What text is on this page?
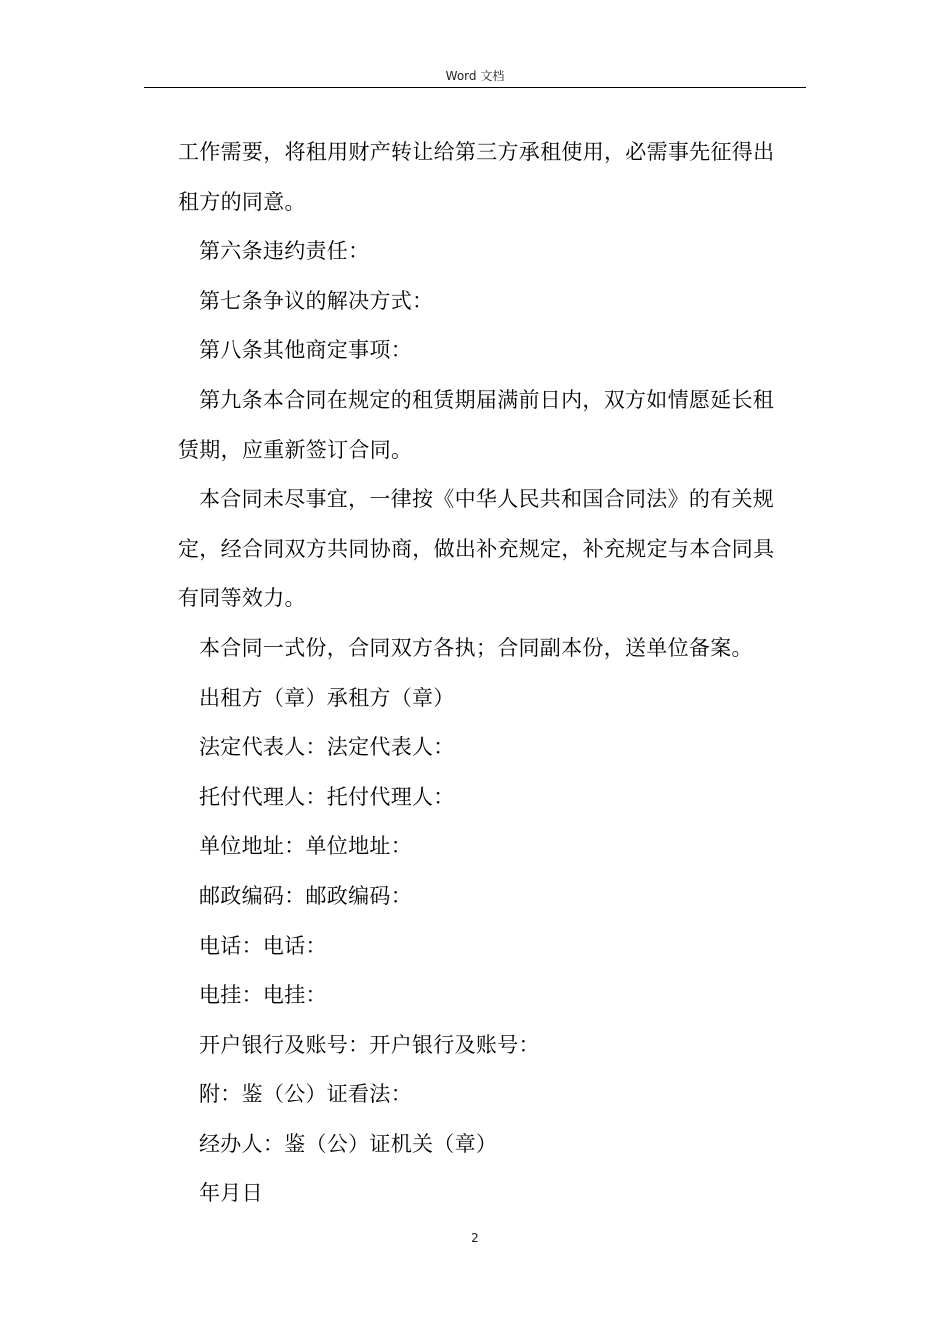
Word 文档
工作需要，将租用财产转让给第三方承租使用，必需事先征得出
租方的同意。
第六条违约责任：
第七条争议的解决方式：
第八条其他商定事项：
第九条本合同在规定的租赁期届满前日内，双方如情愿延长租
赁期，应重新签订合同。
本合同未尽事宜，一律按《中华人民共和国合同法》的有关规
定，经合同双方共同协商，做出补充规定，补充规定与本合同具
有同等效力。
本合同一式份，合同双方各执；合同副本份，送单位备案。
出租方（章）承租方（章）
法定代表人：法定代表人：
托付代理人：托付代理人：
单位地址：单位地址：
邮政编码：邮政编码：
电话：电话：
电挂：电挂：
开户银行及账号：开户银行及账号：
附：鉴（公）证看法：
经办人：鉴（公）证机关（章）
年月日
2
